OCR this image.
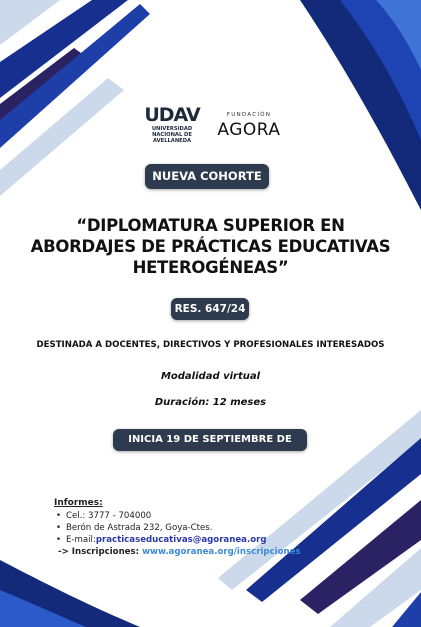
UDAV
UNIVERSIDAD
NACIONAL DE
AVELLANEDA
FUNDACIÓN
AGORA
NUEVA COHORTE
“DIPLOMATURA SUPERIOR EN
ABORDAJES DE PRÁCTICAS EDUCATIVAS
HETEROGÉNEAS”
RES. 647/24
DESTINADA A DOCENTES, DIRECTIVOS Y PROFESIONALES INTERESADOS
Modalidad virtual
Duración: 12 meses
INICIA 19 DE SEPTIEMBRE DE 2026
Informes:
• Cel.: 3777 - 704000
• Berón de Astrada 232, Goya-Ctes.
• E-mail:practicaseducativas@agoranea.org
-> Inscripciones: www.agoranea.org/inscripciones
